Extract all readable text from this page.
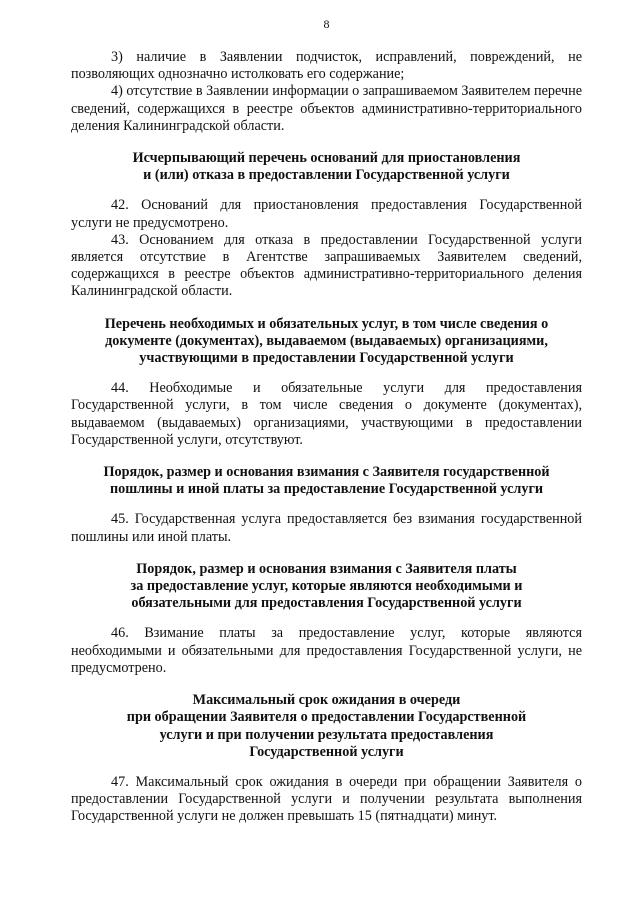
8

3) наличие в Заявлении подчисток, исправлений, повреждений, не позволяющих однозначно истолковать его содержание;

4) отсутствие в Заявлении информации о запрашиваемом Заявителем перечне сведений, содержащихся в реестре объектов административно-территориального деления Калининградской области.

Исчерпывающий перечень оснований для приостановления
и (или) отказа в предоставлении Государственной услуги

42. Оснований для приостановления предоставления Государственной услуги не предусмотрено.

43. Основанием для отказа в предоставлении Государственной услуги является отсутствие в Агентстве запрашиваемых Заявителем сведений, содержащихся в реестре объектов административно-территориального деления Калининградской области.

Перечень необходимых и обязательных услуг, в том числе сведения о
документе (документах), выдаваемом (выдаваемых) организациями,
участвующими в предоставлении Государственной услуги

44. Необходимые и обязательные услуги для предоставления Государственной услуги, в том числе сведения о документе (документах), выдаваемом (выдаваемых) организациями, участвующими в предоставлении Государственной услуги, отсутствуют.

Порядок, размер и основания взимания с Заявителя государственной
пошлины и иной платы за предоставление Государственной услуги

45. Государственная услуга предоставляется без взимания государственной пошлины или иной платы.

Порядок, размер и основания взимания с Заявителя платы
за предоставление услуг, которые являются необходимыми и
обязательными для предоставления Государственной услуги

46. Взимание платы за предоставление услуг, которые являются необходимыми и обязательными для предоставления Государственной услуги, не предусмотрено.

Максимальный срок ожидания в очереди
при обращении Заявителя о предоставлении Государственной
услуги и при получении результата предоставления
Государственной услуги

47. Максимальный срок ожидания в очереди при обращении Заявителя о предоставлении Государственной услуги и получении результата выполнения Государственной услуги не должен превышать 15 (пятнадцати) минут.
